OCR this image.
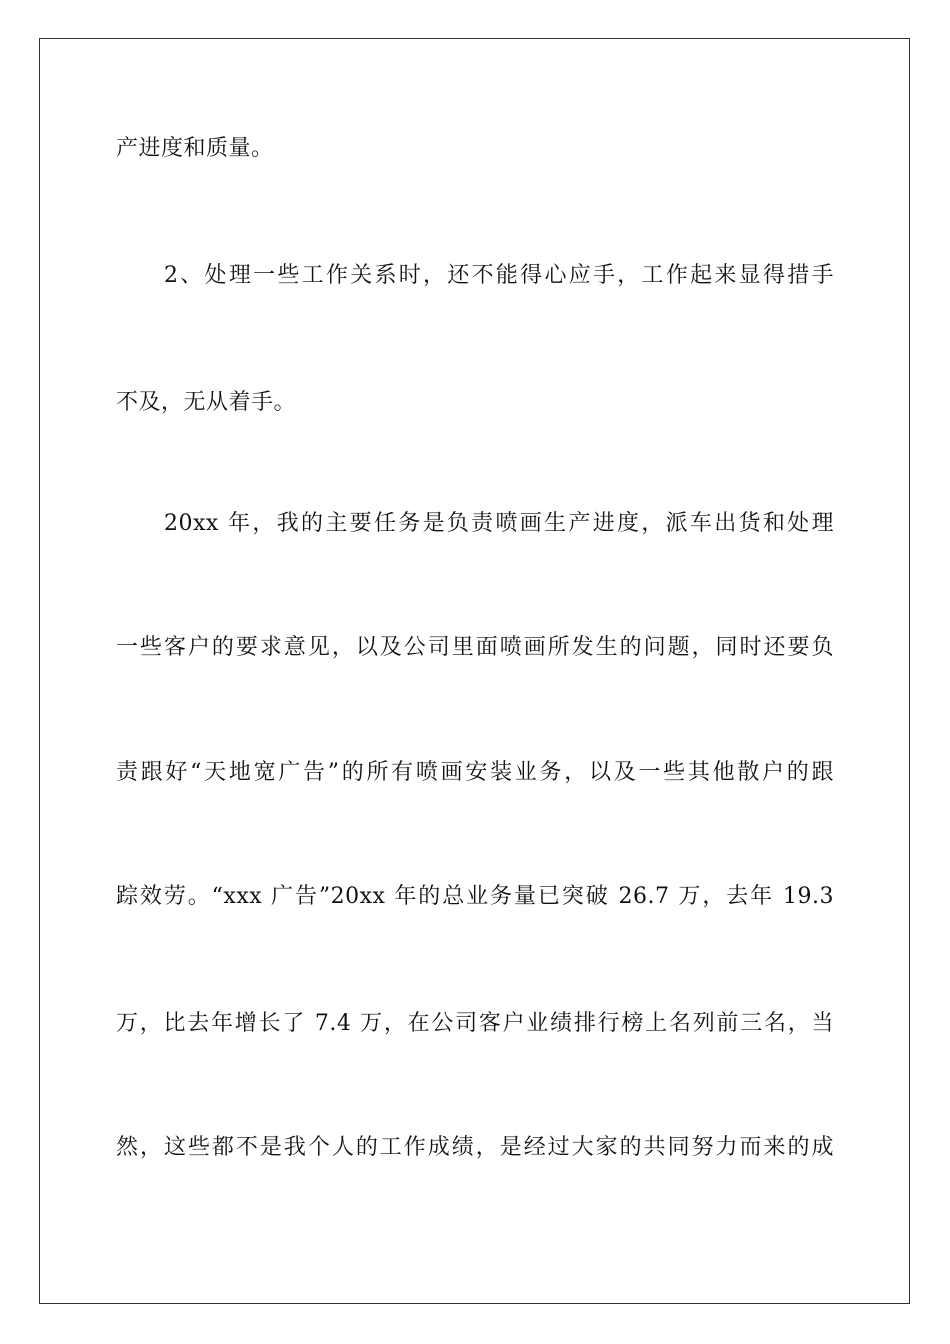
产进度和质量。
2、处理一些工作关系时，还不能得心应手，工作起来显得措手
不及，无从着手。
20xx 年，我的主要任务是负责喷画生产进度，派车出货和处理
一些客户的要求意见，以及公司里面喷画所发生的问题，同时还要负
责跟好“天地宽广告”的所有喷画安装业务，以及一些其他散户的跟
踪效劳。“xxx 广告”20xx 年的总业务量已突破 26.7 万，去年 19.3
万，比去年增长了 7.4 万，在公司客户业绩排行榜上名列前三名，当
然，这些都不是我个人的工作成绩，是经过大家的共同努力而来的成
